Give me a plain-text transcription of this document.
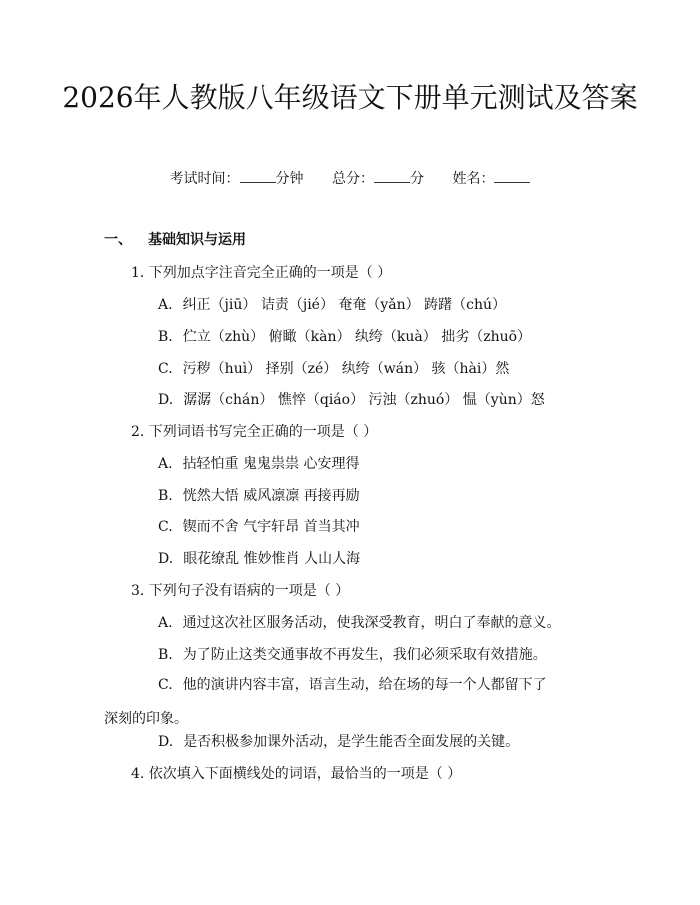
2026年人教版八年级语文下册单元测试及答案
考试时间：	分钟 总分：	分 姓名：
一、 基础知识与运用
1. 下列加点字注音完全正确的一项是（ ）
A. 纠正（jiū） 诘责（jié） 奄奄（yǎn） 踌躇（chú）
B. 伫立（zhù） 俯瞰（kàn） 纨绔（kuà） 拙劣（zhuō）
C. 污秽（huì） 择别（zé） 纨绔（wán） 骇（hài）然
D. 潺潺（chán） 憔悴（qiáo） 污浊（zhuó） 愠（yùn）怒
2. 下列词语书写完全正确的一项是（ ）
A. 拈轻怕重 鬼鬼祟祟 心安理得
B. 恍然大悟 威风凛凛 再接再励
C. 锲而不舍 气宇轩昂 首当其冲
D. 眼花缭乱 惟妙惟肖 人山人海
3. 下列句子没有语病的一项是（ ）
A. 通过这次社区服务活动，使我深受教育，明白了奉献的意义。
B. 为了防止这类交通事故不再发生，我们必须采取有效措施。
C. 他的演讲内容丰富，语言生动，给在场的每一个人都留下了深刻的印象。
D. 是否积极参加课外活动，是学生能否全面发展的关键。
4. 依次填入下面横线处的词语，最恰当的一项是（ ）
